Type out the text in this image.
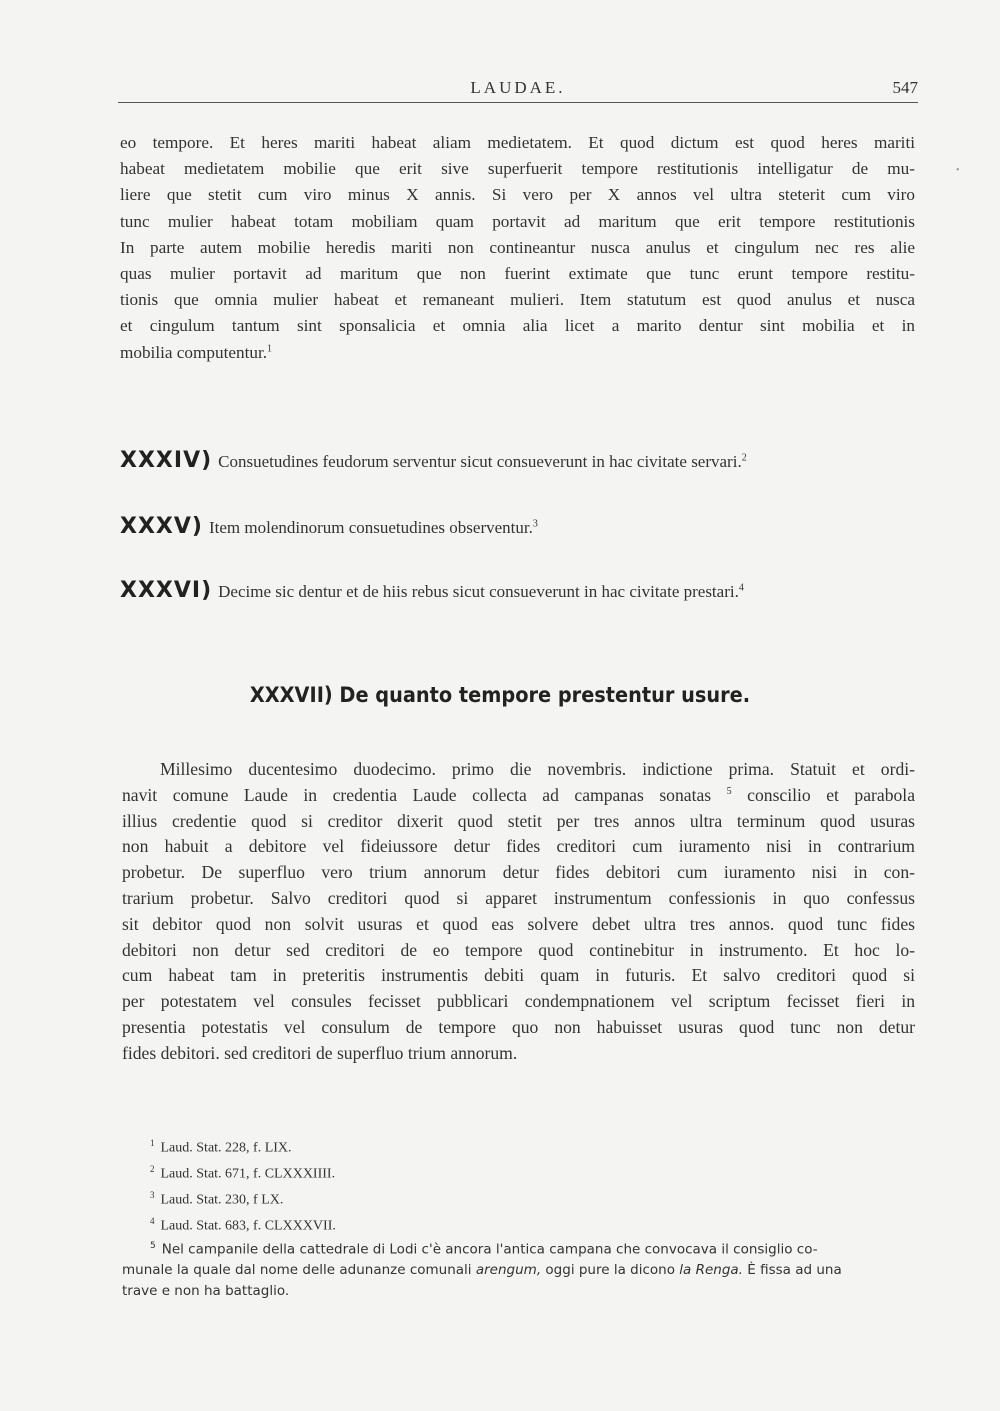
LAUDAE.	547
eo tempore. Et heres mariti habeat aliam medietatem. Et quod dictum est quod heres mariti
habeat medietatem mobilie que erit sive superfuerit tempore restitutionis intelligatur de mu-
liere que stetit cum viro minus X annis. Si vero per X annos vel ultra steterit cum viro
tunc mulier habeat totam mobiliam quam portavit ad maritum que erit tempore restitutionis
In parte autem mobilie heredis mariti non contineantur nusca anulus et cingulum nec res alie
quas mulier portavit ad maritum que non fuerint extimate que tunc erunt tempore restitu-
tionis que omnia mulier habeat et remaneant mulieri. Item statutum est quod anulus et nusca
et cingulum tantum sint sponsalicia et omnia alia licet a marito dentur sint mobilia et in
mobilia computentur.$^1$
XXXIV) Consuetudines feudorum serventur sicut consueverunt in hac civitate servari.$^2$
XXXV) Item molendinorum consuetudines observentur.$^3$
XXXVI) Decime sic dentur et de hiis rebus sicut consueverunt in hac civitate prestari.$^4$
XXXVII) De quanto tempore prestentur usure.
Millesimo ducentesimo duodecimo. primo die novembris. indictione prima. Statuit et ordi-
navit comune Laude in credentia Laude collecta ad campanas sonatas $^5$ conscilio et parabola
illius credentie quod si creditor dixerit quod stetit per tres annos ultra terminum quod usuras
non habuit a debitore vel fideiussore detur fides creditori cum iuramento nisi in contrarium
probetur. De superfluo vero trium annorum detur fides debitori cum iuramento nisi in con-
trarium probetur. Salvo creditori quod si apparet instrumentum confessionis in quo confessus
sit debitor quod non solvit usuras et quod eas solvere debet ultra tres annos. quod tunc fides
debitori non detur sed creditori de eo tempore quod continebitur in instrumento. Et hoc lo-
cum habeat tam in preteritis instrumentis debiti quam in futuris. Et salvo creditori quod si
per potestatem vel consules fecisset pubblicari condempnationem vel scriptum fecisset fieri in
presentia potestatis vel consulum de tempore quo non habuisset usuras quod tunc non detur
fides debitori. sed creditori de superfluo trium annorum.
$^1$ Laud. Stat. 228, f. LIX.
$^2$ Laud. Stat. 671, f. CLXXXIIII.
$^3$ Laud. Stat. 230, f LX.
$^4$ Laud. Stat. 683, f. CLXXXVII.
$^5$ Nel campanile della cattedrale di Lodi c'è ancora l'antica campana che convocava il consiglio co-
munale la quale dal nome delle adunanze comunali arengum, oggi pure la dicono la Renga. È fissa ad una
trave e non ha battaglio.
•
